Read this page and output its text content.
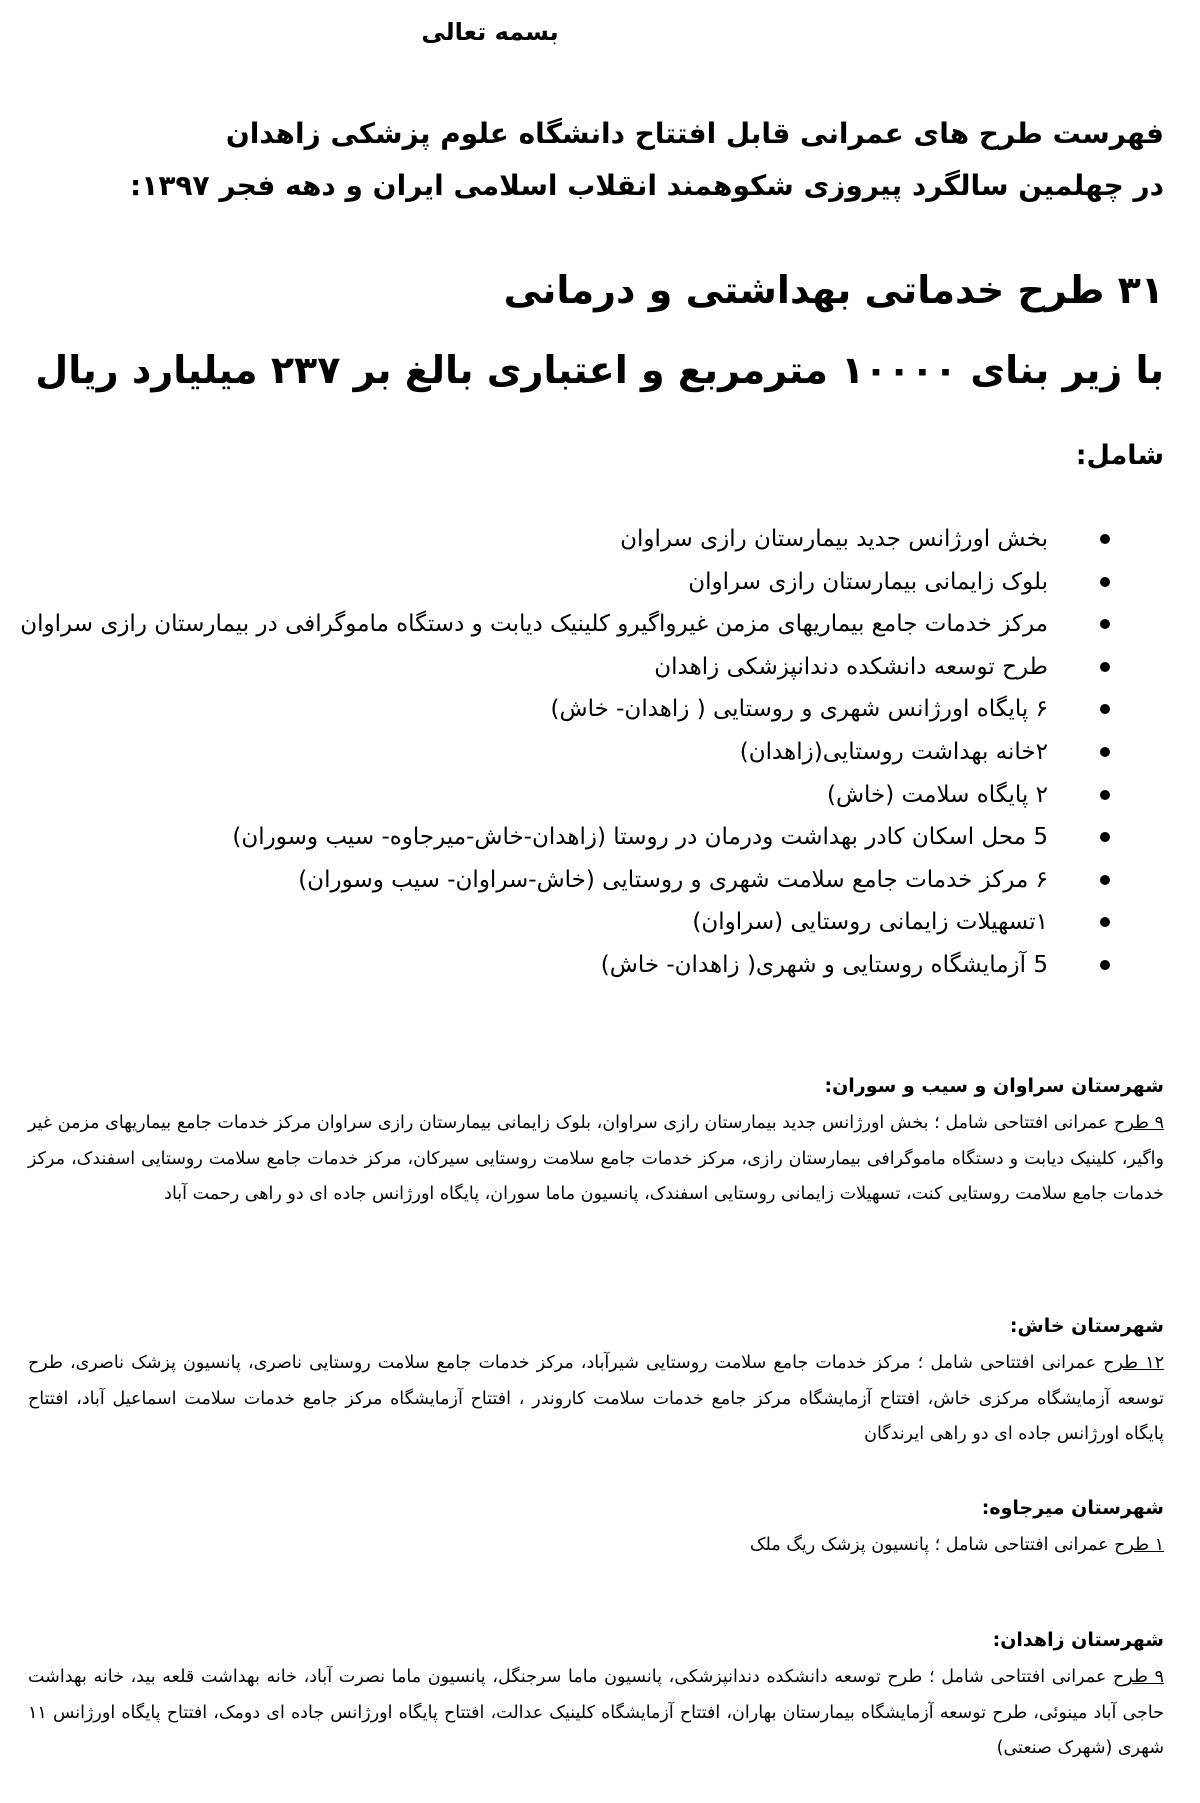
بسمه تعالی
فهرست طرح های عمرانی قابل افتتاح دانشگاه علوم پزشکی زاهدان
در چهلمین سالگرد پیروزی شکوهمند انقلاب اسلامی ایران و دهه فجر ۱۳۹۷:
۳۱ طرح خدماتی بهداشتی و درمانی
با زیر بنای ۱۰۰۰۰ مترمربع و اعتباری بالغ بر ۲۳۷ میلیارد ریال
شامل:
بخش اورژانس جدید بیمارستان رازی سراوان
بلوک زایمانی بیمارستان رازی سراوان
مرکز خدمات جامع بیماریهای مزمن غیرواگیرو کلینیک دیابت و دستگاه ماموگرافی در بیمارستان رازی سراوان
طرح توسعه دانشکده دندانپزشکی زاهدان
۶ پایگاه اورژانس شهری و روستایی ( زاهدان- خاش)
۲خانه بهداشت روستایی(زاهدان)
۲ پایگاه سلامت (خاش)
5 محل اسکان کادر بهداشت ودرمان در روستا (زاهدان-خاش-میرجاوه- سیب وسوران)
۶ مرکز خدمات جامع سلامت شهری و روستایی (خاش-سراوان- سیب وسوران)
۱تسهیلات زایمانی روستایی (سراوان)
5 آزمایشگاه روستایی و شهری( زاهدان- خاش)
شهرستان سراوان و سیب و سوران:
۹ طرح عمرانی افتتاحی شامل ؛ بخش اورژانس جدید بیمارستان رازی سراوان، بلوک زایمانی بیمارستان رازی سراوان مرکز خدمات جامع بیماریهای مزمن غیر واگیر، کلینیک دیابت و دستگاه ماموگرافی بیمارستان رازی، مرکز خدمات جامع سلامت روستایی سیرکان، مرکز خدمات جامع سلامت روستایی اسفندک، مرکز خدمات جامع سلامت روستایی کنت، تسهیلات زایمانی روستایی اسفندک، پانسیون ماما سوران، پایگاه اورژانس جاده ای دو راهی رحمت آباد
شهرستان خاش:
۱۲ طرح عمرانی افتتاحی شامل ؛ مرکز خدمات جامع سلامت روستایی شیرآباد، مرکز خدمات جامع سلامت روستایی ناصری، پانسیون پزشک ناصری، طرح توسعه آزمایشگاه مرکزی خاش، افتتاح آزمایشگاه مرکز جامع خدمات سلامت کاروندر ، افتتاح آزمایشگاه مرکز جامع خدمات سلامت اسماعیل آباد، افتتاح پایگاه اورژانس جاده ای دو راهی ایرندگان
شهرستان میرجاوه:
۱ طرح عمرانی افتتاحی شامل ؛ پانسیون پزشک ریگ ملک
شهرستان زاهدان:
۹ طرح عمرانی افتتاحی شامل ؛ طرح توسعه دانشکده دندانپزشکی، پانسیون ماما سرجنگل، پانسیون ماما نصرت آباد، خانه بهداشت قلعه بید، خانه بهداشت حاجی آباد مینوئی، طرح توسعه آزمایشگاه بیمارستان بهاران، افتتاح آزمایشگاه کلینیک عدالت، افتتاح پایگاه اورژانس جاده ای دومک، افتتاح پایگاه اورژانس ۱۱ شهری (شهرک صنعتی)
